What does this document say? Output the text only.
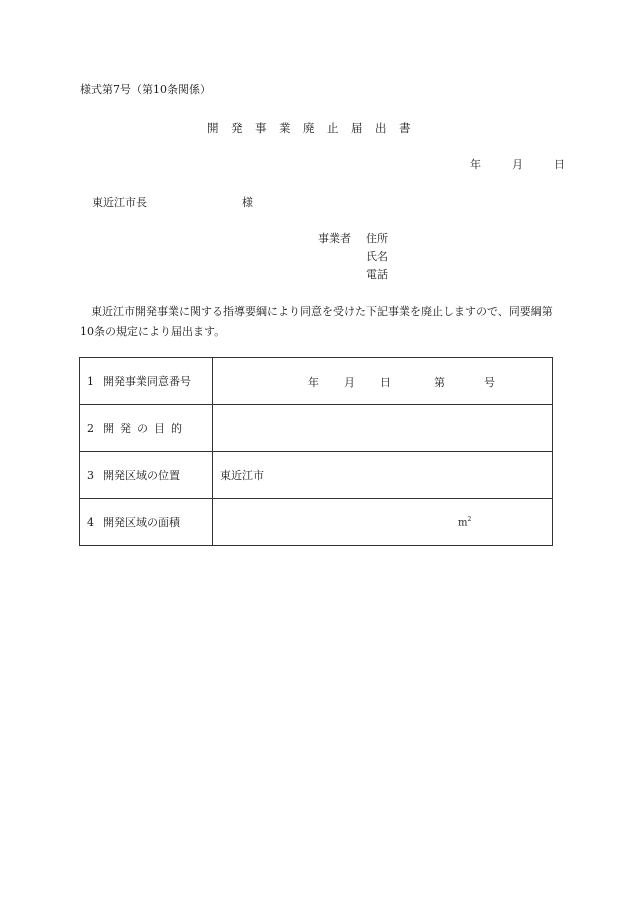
様式第7号（第10条関係）
開発事業廃止届出書
年	月	日
東近江市長	様
事業者 住所
氏名
電話
東近江市開発事業に関する指導要綱により同意を受けた下記事業を廃止しますので、同要綱第10条の規定により届出ます。
1 開発事業同意番号	年 月 日 第 号

2 開発の目的	
3 開発区域の位置	東近江市
4 開発区域の面積	$m^2$
